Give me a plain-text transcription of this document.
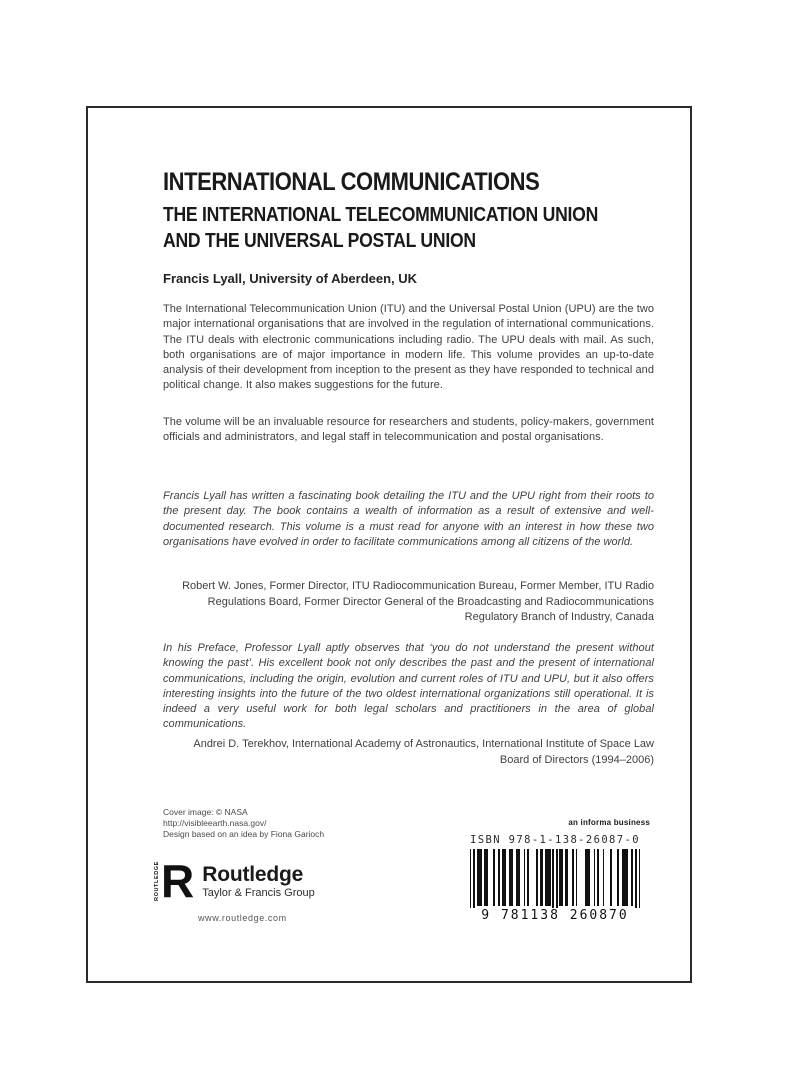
INTERNATIONAL COMMUNICATIONS
THE INTERNATIONAL TELECOMMUNICATION UNION
AND THE UNIVERSAL POSTAL UNION
Francis Lyall, University of Aberdeen, UK
The International Telecommunication Union (ITU) and the Universal Postal Union (UPU) are the two major international organisations that are involved in the regulation of international communications. The ITU deals with electronic communications including radio. The UPU deals with mail. As such, both organisations are of major importance in modern life. This volume provides an up-to-date analysis of their development from inception to the present as they have responded to technical and political change. It also makes suggestions for the future.
The volume will be an invaluable resource for researchers and students, policy-makers, government officials and administrators, and legal staff in telecommunication and postal organisations.
Francis Lyall has written a fascinating book detailing the ITU and the UPU right from their roots to the present day. The book contains a wealth of information as a result of extensive and well-documented research. This volume is a must read for anyone with an interest in how these two organisations have evolved in order to facilitate communications among all citizens of the world.
Robert W. Jones, Former Director, ITU Radiocommunication Bureau, Former Member, ITU Radio Regulations Board, Former Director General of the Broadcasting and Radiocommunications Regulatory Branch of Industry, Canada
In his Preface, Professor Lyall aptly observes that ‘you do not understand the present without knowing the past’. His excellent book not only describes the past and the present of international communications, including the origin, evolution and current roles of ITU and UPU, but it also offers interesting insights into the future of the two oldest international organizations still operational. It is indeed a very useful work for both legal scholars and practitioners in the area of global communications.
Andrei D. Terekhov, International Academy of Astronautics, International Institute of Space Law Board of Directors (1994–2006)
Cover image: © NASA
http://visibleearth.nasa.gov/
Design based on an idea by Fiona Garioch
an informa business
ISBN 978-1-138-26087-0
9 781138 260870
ROUTLEDGE R Routledge
Taylor & Francis Group
www.routledge.com
